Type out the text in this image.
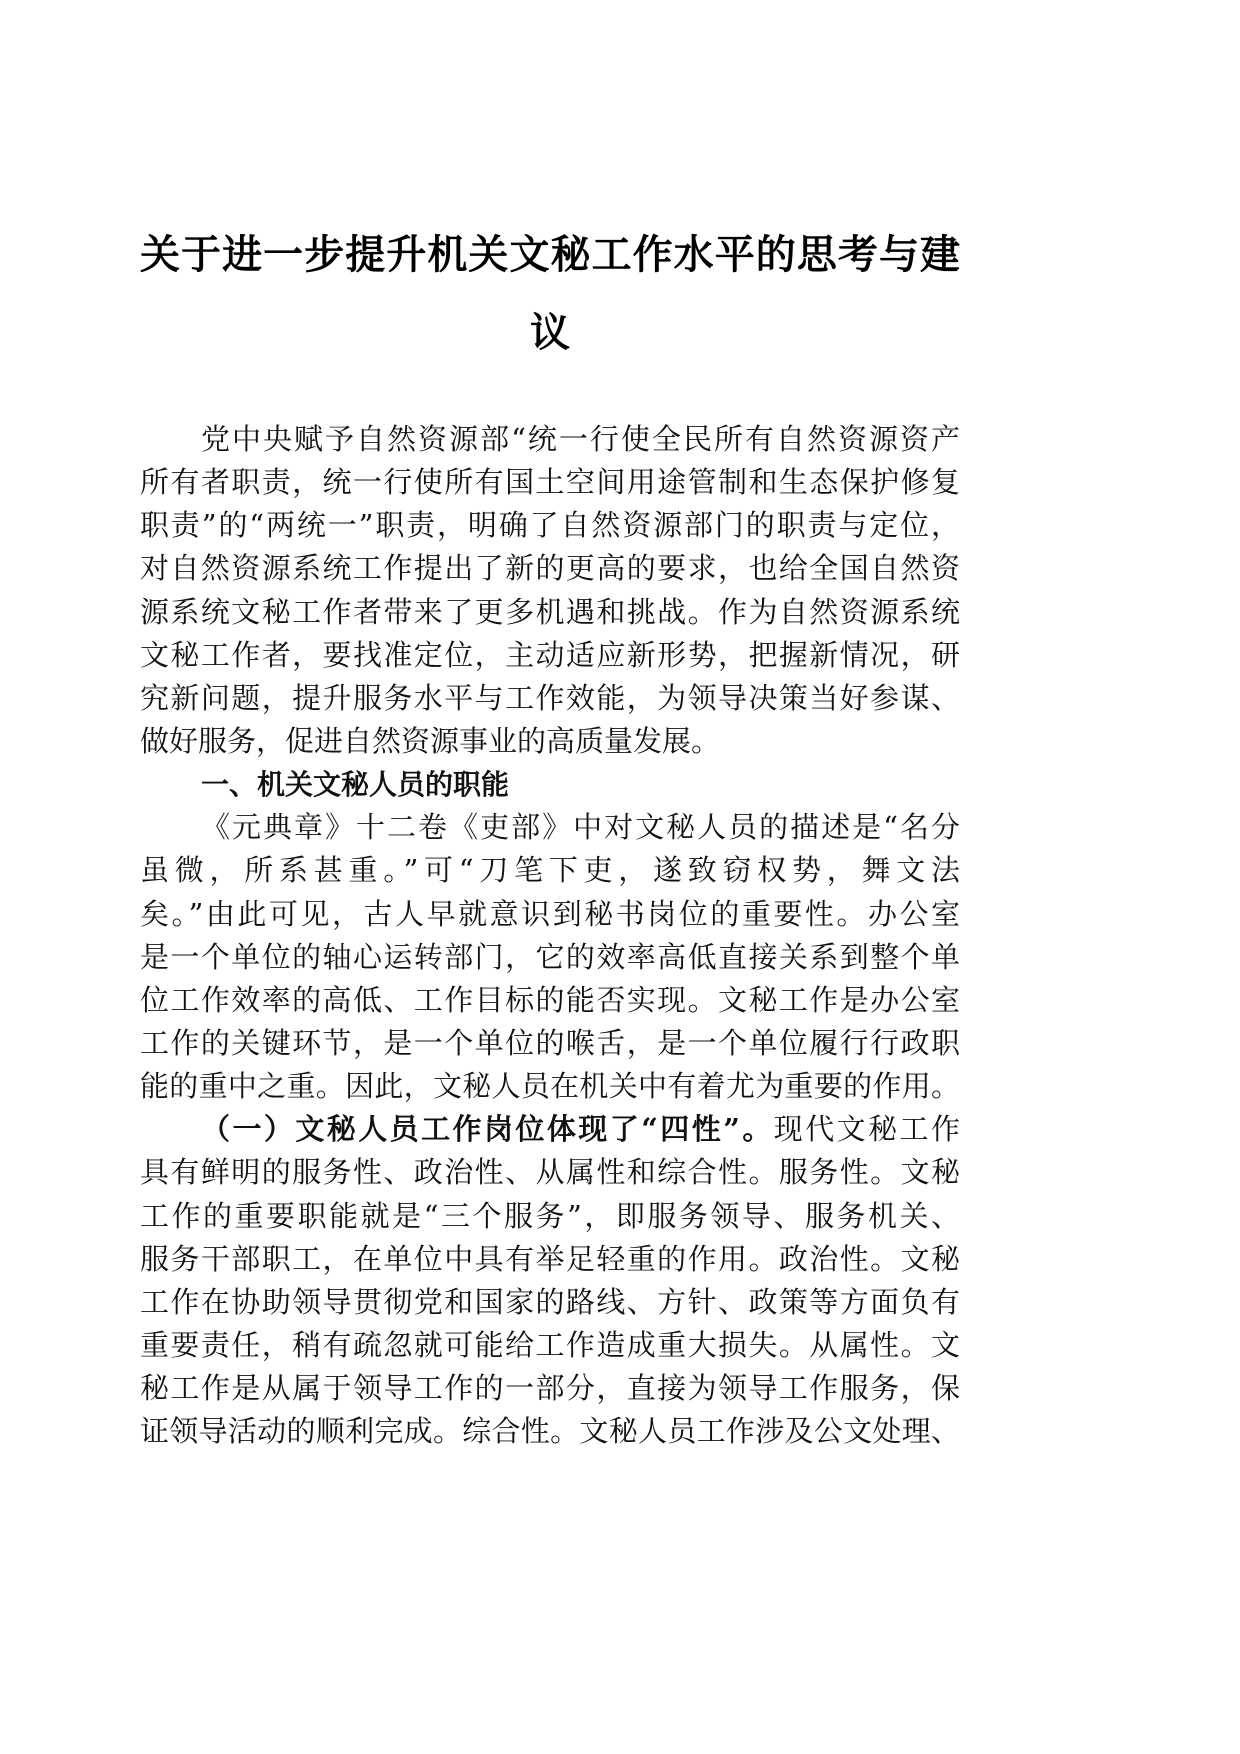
关于进一步提升机关文秘工作水平的思考与建
议
党中央赋予自然资源部“统一行使全民所有自然资源资产
所有者职责，统一行使所有国土空间用途管制和生态保护修复
职责”的“两统一”职责，明确了自然资源部门的职责与定位，
对自然资源系统工作提出了新的更高的要求，也给全国自然资
源系统文秘工作者带来了更多机遇和挑战。作为自然资源系统
文秘工作者，要找准定位，主动适应新形势，把握新情况，研
究新问题，提升服务水平与工作效能，为领导决策当好参谋、
做好服务，促进自然资源事业的高质量发展。
一、机关文秘人员的职能
《元典章》十二卷《吏部》中对文秘人员的描述是“名分
虽微，所系甚重。”可“刀笔下吏，遂致窃权势，舞文法
矣。”由此可见，古人早就意识到秘书岗位的重要性。办公室
是一个单位的轴心运转部门，它的效率高低直接关系到整个单
位工作效率的高低、工作目标的能否实现。文秘工作是办公室
工作的关键环节，是一个单位的喉舌，是一个单位履行行政职
能的重中之重。因此，文秘人员在机关中有着尤为重要的作用。
（一）文秘人员工作岗位体现了“四性”。现代文秘工作
具有鲜明的服务性、政治性、从属性和综合性。服务性。文秘
工作的重要职能就是“三个服务”，即服务领导、服务机关、
服务干部职工，在单位中具有举足轻重的作用。政治性。文秘
工作在协助领导贯彻党和国家的路线、方针、政策等方面负有
重要责任，稍有疏忽就可能给工作造成重大损失。从属性。文
秘工作是从属于领导工作的一部分，直接为领导工作服务，保
证领导活动的顺利完成。综合性。文秘人员工作涉及公文处理、
